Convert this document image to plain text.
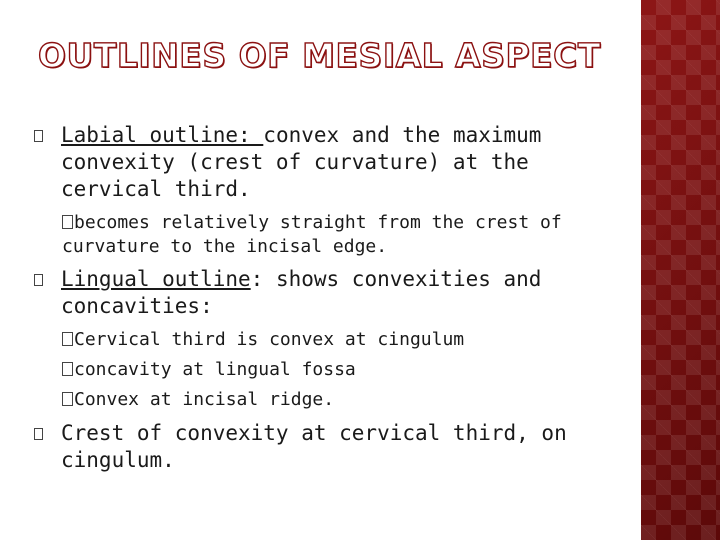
OUTLINES OF MESIAL ASPECT

Labial outline: convex and the maximum convexity (crest of curvature) at the cervical third.

becomes relatively straight from the crest of curvature to the incisal edge.

Lingual outline: shows convexities and concavities:

Cervical third is convex at cingulum

concavity at lingual fossa

Convex at incisal ridge.

Crest of convexity at cervical third, on cingulum.
